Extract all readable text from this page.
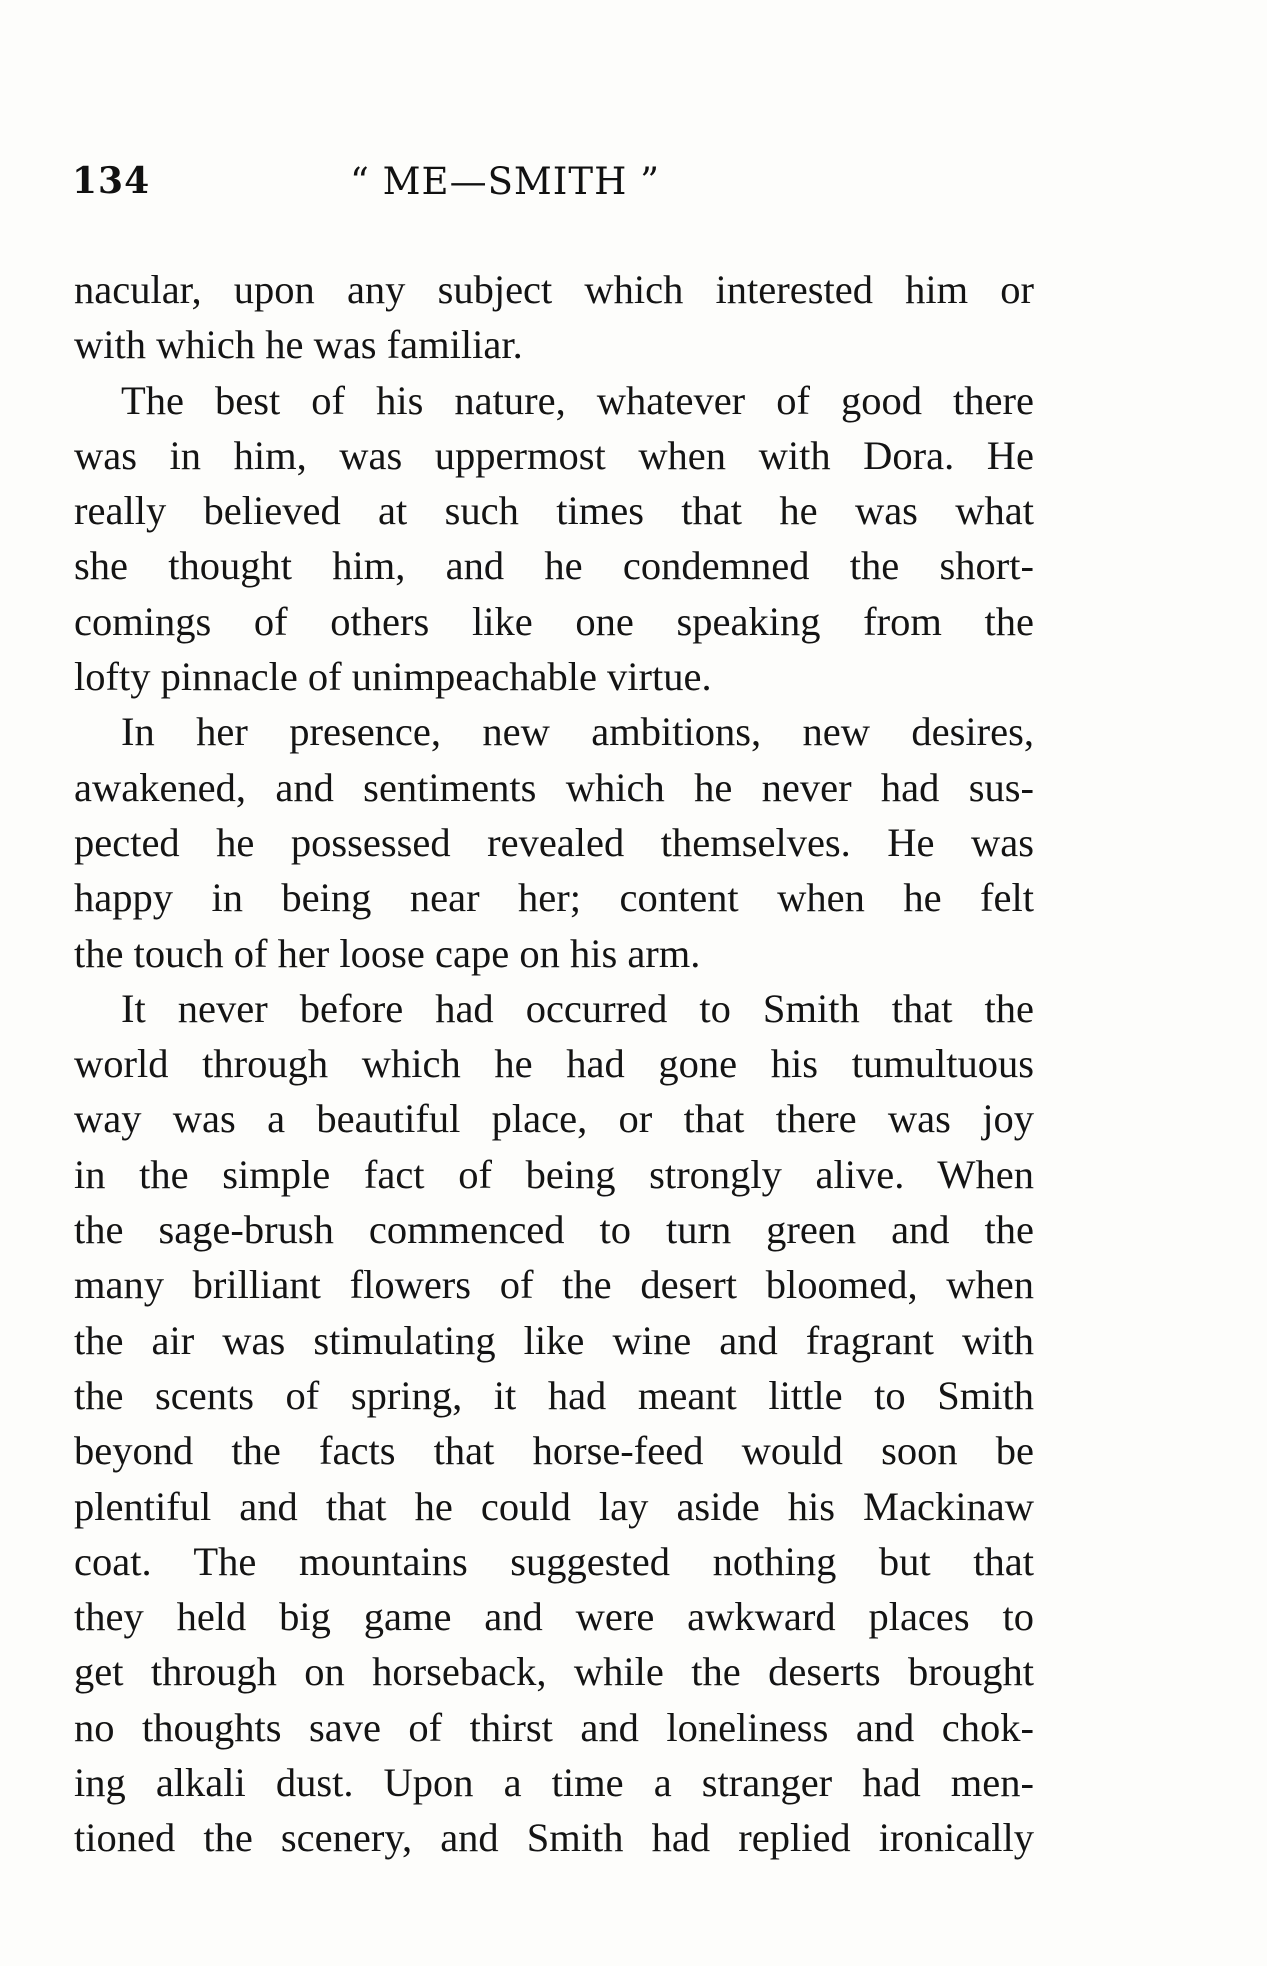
134	“ ME—SMITH ”
nacular, upon any subject which interested him or
with which he was familiar.
The best of his nature, whatever of good there
was in him, was uppermost when with Dora. He
really believed at such times that he was what
she thought him, and he condemned the short-
comings of others like one speaking from the
lofty pinnacle of unimpeachable virtue.
In her presence, new ambitions, new desires,
awakened, and sentiments which he never had sus-
pected he possessed revealed themselves. He was
happy in being near her; content when he felt
the touch of her loose cape on his arm.
It never before had occurred to Smith that the
world through which he had gone his tumultuous
way was a beautiful place, or that there was joy
in the simple fact of being strongly alive. When
the sage-brush commenced to turn green and the
many brilliant flowers of the desert bloomed, when
the air was stimulating like wine and fragrant with
the scents of spring, it had meant little to Smith
beyond the facts that horse-feed would soon be
plentiful and that he could lay aside his Mackinaw
coat. The mountains suggested nothing but that
they held big game and were awkward places to
get through on horseback, while the deserts brought
no thoughts save of thirst and loneliness and chok-
ing alkali dust. Upon a time a stranger had men-
tioned the scenery, and Smith had replied ironically
